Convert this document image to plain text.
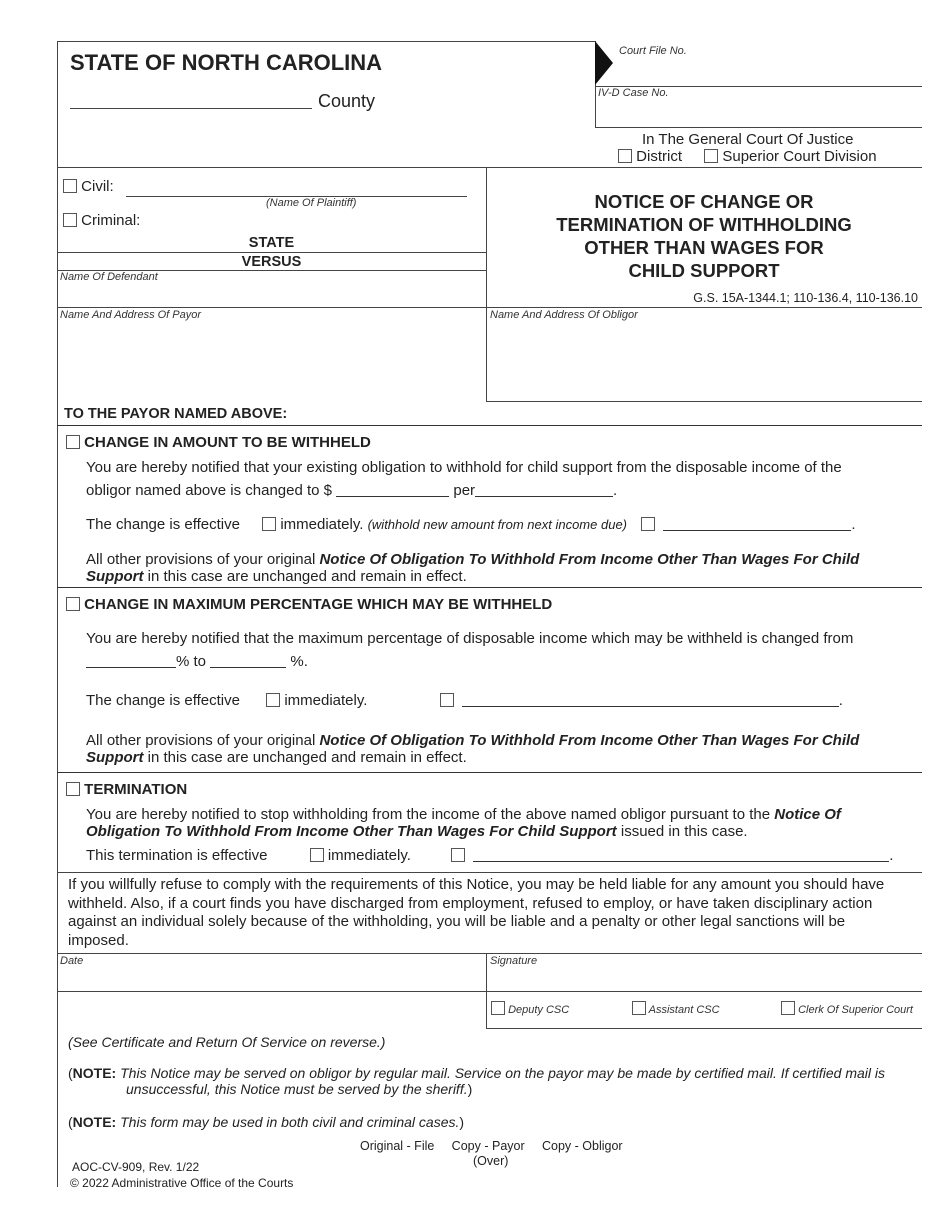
STATE OF NORTH CAROLINA
County
Court File No.
IV-D Case No.
In The General Court Of Justice
District	Superior Court Division
Civil:
(Name Of Plaintiff)
Criminal:
STATE
VERSUS
Name Of Defendant
NOTICE OF CHANGE OR
TERMINATION OF WITHHOLDING
OTHER THAN WAGES FOR
CHILD SUPPORT
G.S. 15A-1344.1; 110-136.4, 110-136.10
Name And Address Of Payor	Name And Address Of Obligor
TO THE PAYOR NAMED ABOVE:
CHANGE IN AMOUNT TO BE WITHHELD
You are hereby notified that your existing obligation to withhold for child support from the disposable income of the
obligor named above is changed to $	per	.
The change is effective	immediately. (withhold new amount from next income due)	.
All other provisions of your original Notice Of Obligation To Withhold From Income Other Than Wages For Child
Support in this case are unchanged and remain in effect.
CHANGE IN MAXIMUM PERCENTAGE WHICH MAY BE WITHHELD
You are hereby notified that the maximum percentage of disposable income which may be withheld is changed from
% to	%.
The change is effective	immediately.	.
All other provisions of your original Notice Of Obligation To Withhold From Income Other Than Wages For Child
Support in this case are unchanged and remain in effect.
TERMINATION
You are hereby notified to stop withholding from the income of the above named obligor pursuant to the Notice Of
Obligation To Withhold From Income Other Than Wages For Child Support issued in this case.
This termination is effective	immediately.	.
If you willfully refuse to comply with the requirements of this Notice, you may be held liable for any amount you should have
withheld. Also, if a court finds you have discharged from employment, refused to employ, or have taken disciplinary action
against an individual solely because of the withholding, you will be liable and a penalty or other legal sanctions will be
imposed.
Date	Signature
Deputy CSC	Assistant CSC	Clerk Of Superior Court
(See Certificate and Return Of Service on reverse.)
(NOTE: This Notice may be served on obligor by regular mail. Service on the payor may be made by certified mail. If certified mail is
unsuccessful, this Notice must be served by the sheriff.)
(NOTE: This form may be used in both civil and criminal cases.)
Original - File     Copy - Payor     Copy - Obligor
(Over)
AOC-CV-909, Rev. 1/22
© 2022 Administrative Office of the Courts
